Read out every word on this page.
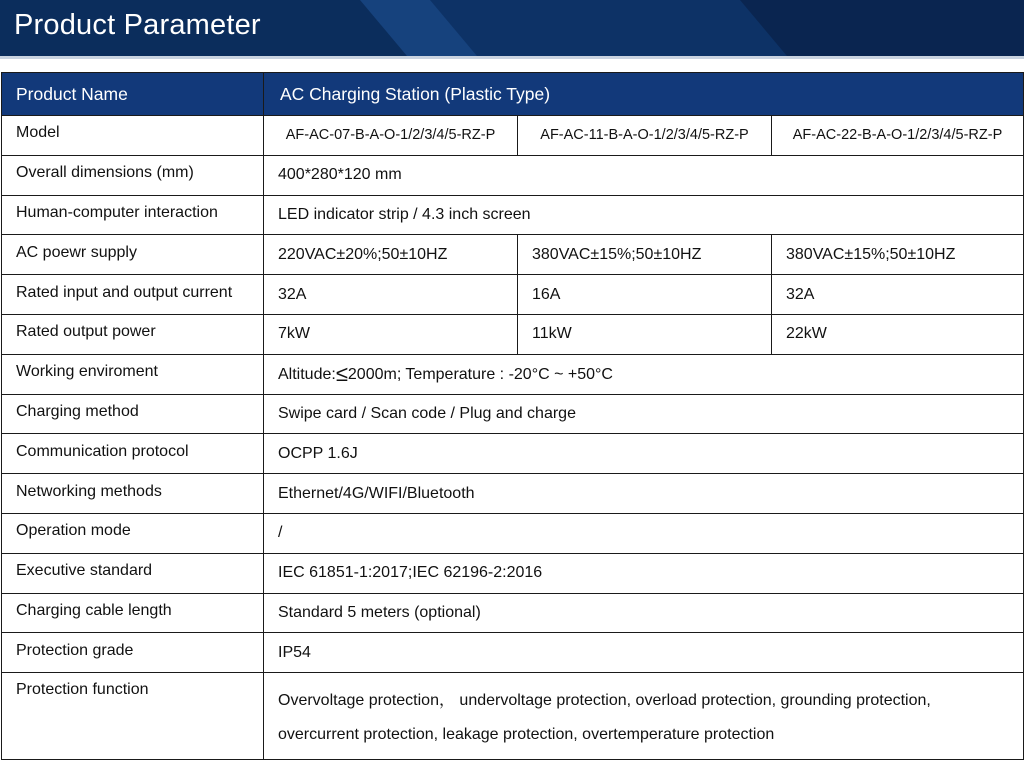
Product Parameter
Product Name	AC Charging Station (Plastic Type)		
Model	AF-AC-07-B-A-O-1/2/3/4/5-RZ-P	AF-AC-11-B-A-O-1/2/3/4/5-RZ-P	AF-AC-22-B-A-O-1/2/3/4/5-RZ-P
Overall dimensions (mm)	400*280*120 mm		
Human-computer interaction	LED indicator strip / 4.3 inch screen		
AC poewr supply	220VAC±20%;50±10HZ	380VAC±15%;50±10HZ	380VAC±15%;50±10HZ
Rated input and output current	32A	16A	32A
Rated output power	7kW	11kW	22kW
Working enviroment	Altitude:≤2000m; Temperature : -20°C ~ +50°C		
Charging method	Swipe card / Scan code / Plug and charge		
Communication protocol	OCPP 1.6J		
Networking methods	Ethernet/4G/WIFI/Bluetooth		
Operation mode	/		
Executive standard	IEC 61851-1:2017;IEC 62196-2:2016		
Charging cable length	Standard 5 meters (optional)		
Protection grade	IP54		
Protection function	Overvoltage protection， undervoltage protection, overload protection, grounding protection, overcurrent protection, leakage protection, overtemperature protection		
